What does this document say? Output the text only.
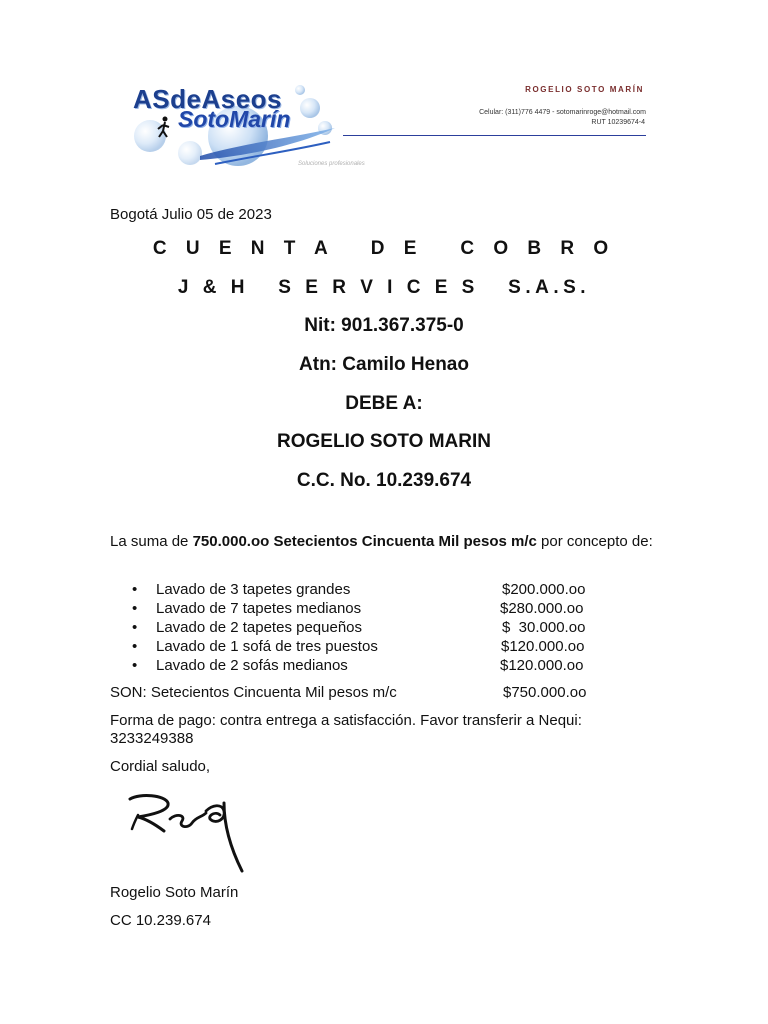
ASdeAseos
SotoMarín
Soluciones profesionales
ROGELIO SOTO MARÍN
Celular: (311)776 4479 - sotomarinroge@hotmail.com
RUT 10239674-4
Bogotá Julio 05 de 2023
C U E N T A   D E   C O B R O
J & H   S E R V I C E S   S.A.S.
Nit: 901.367.375-0
Atn: Camilo Henao
DEBE A:
ROGELIO SOTO MARIN
C.C. No. 10.239.674
La suma de 750.000.oo Setecientos Cincuenta Mil pesos m/c por concepto de:
• Lavado de 3 tapetes grandes	$200.000.oo
• Lavado de 7 tapetes medianos	$280.000.oo
• Lavado de 2 tapetes pequeños	$  30.000.oo
• Lavado de 1 sofá de tres puestos	$120.000.oo
• Lavado de 2 sofás medianos	$120.000.oo
SON: Setecientos Cincuenta Mil pesos m/c	$750.000.oo
Forma de pago: contra entrega a satisfacción. Favor transferir a Nequi:
3233249388
Cordial saludo,
Rogelio Soto Marín
CC 10.239.674
